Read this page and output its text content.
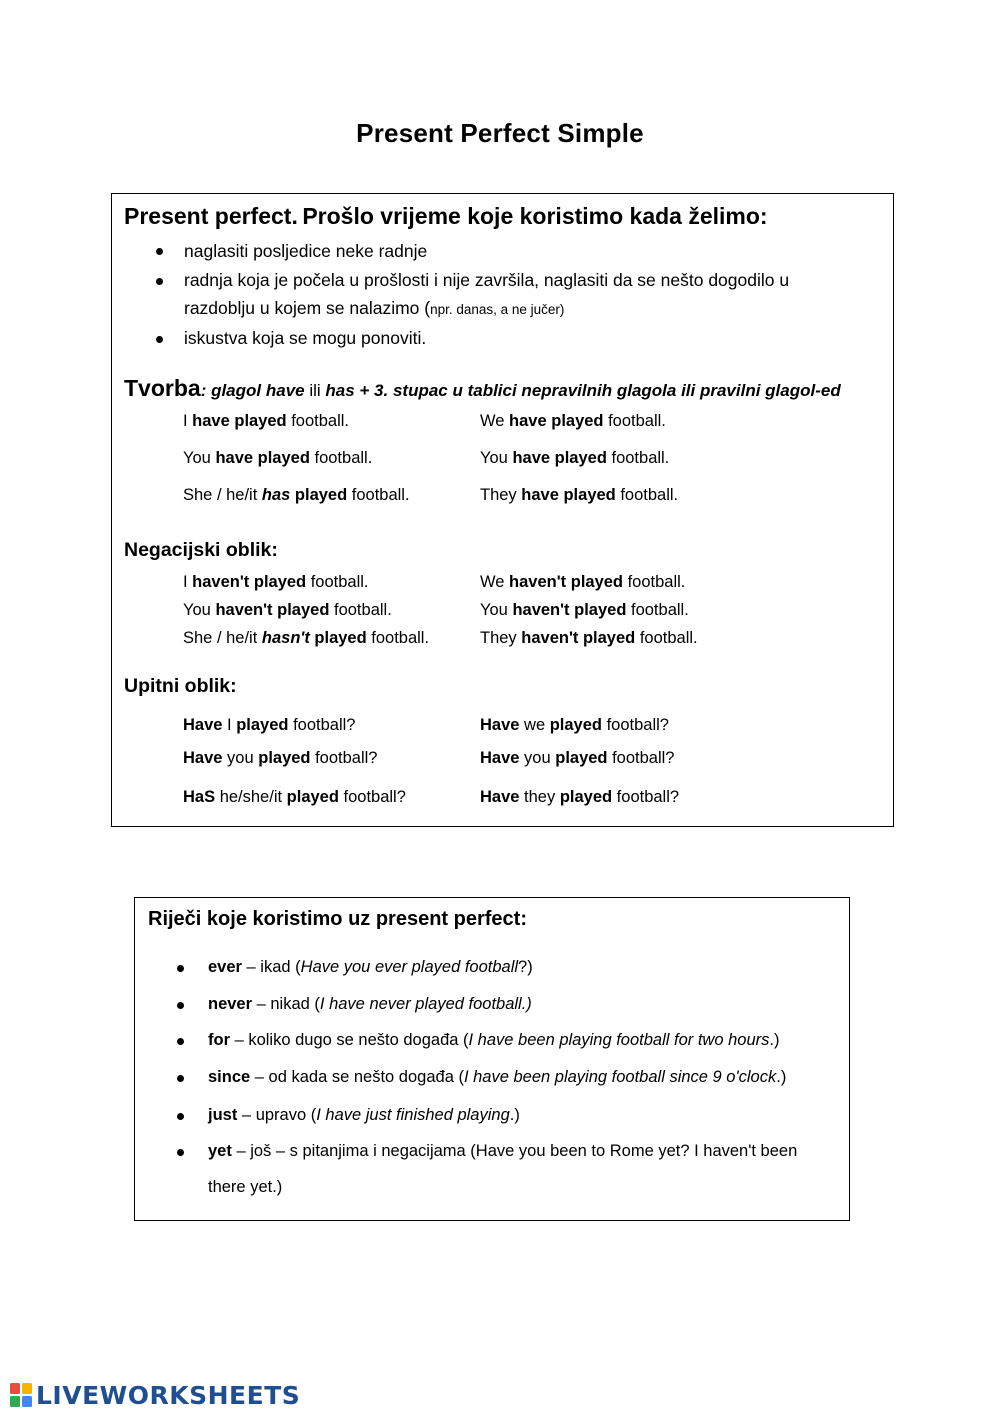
Present Perfect Simple
Present perfect. Prošlo vrijeme koje koristimo kada želimo:
naglasiti posljedice neke radnje
radnja koja je počela u prošlosti i nije završila, naglasiti da se nešto dogodilo u
razdoblju u kojem se nalazimo (npr. danas, a ne jučer)
iskustva koja se mogu ponoviti.
Tvorba: glagol have ili has + 3. stupac u tablici nepravilnih glagola ili pravilni glagol-ed
I have played football.
You have played football.
She / he/it has played football.
We have played football.
You have played football.
They have played football.
Negacijski oblik:
I haven't played football.
You haven't played football.
She / he/it hasn't played football.
We haven't played football.
You haven't played football.
They haven't played football.
Upitni oblik:
Have I played football?
Have you played football?
HaS he/she/it played football?
Have we played football?
Have you played football?
Have they played football?
Riječi koje koristimo uz present perfect:
ever – ikad (Have you ever played football?)
never – nikad (I have never played football.)
for – koliko dugo se nešto događa (I have been playing football for two hours.)
since – od kada se nešto događa (I have been playing football since 9 o'clock.)
just – upravo (I have just finished playing.)
yet – još – s pitanjima i negacijama (Have you been to Rome yet? I haven't been
there yet.)
LIVEWORKSHEETS
